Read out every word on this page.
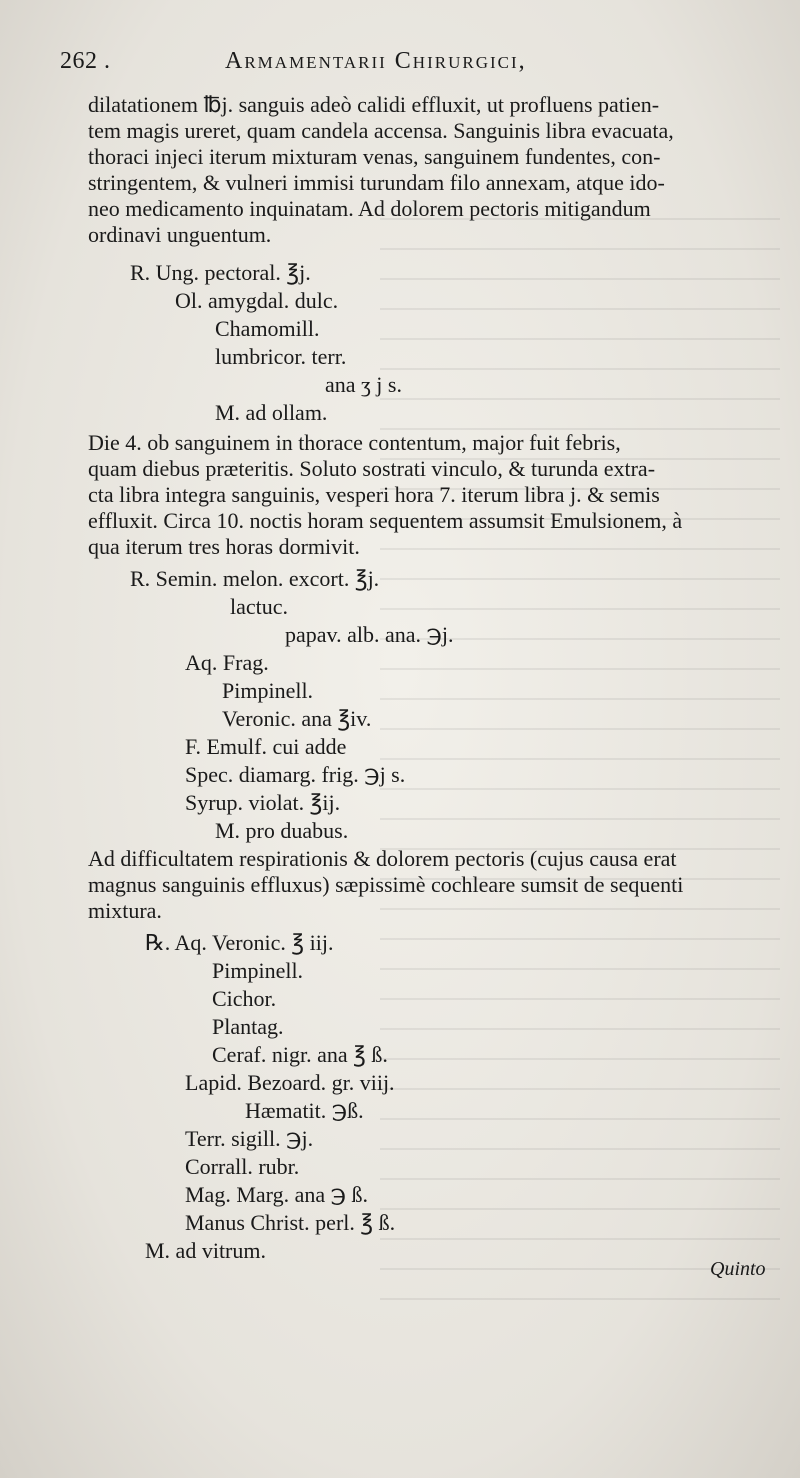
262 .	Armamentarii Chirurgici,
dilatationem ℔j. sanguis adeò calidi effluxit, ut profluens patien-
tem magis ureret, quam candela accensa. Sanguinis libra evacuata,
thoraci injeci iterum mixturam venas, sanguinem fundentes, con-
stringentem, & vulneri immisi turundam filo annexam, atque ido-
neo medicamento inquinatam. Ad dolorem pectoris mitigandum
ordinavi unguentum.
R. Ung. pectoral. ℥j.
Ol. amygdal. dulc.
Chamomill.
lumbricor. terr.
ana ʒ j s.
M. ad ollam.
Die 4. ob sanguinem in thorace contentum, major fuit febris,
quam diebus præteritis. Soluto sostrati vinculo, & turunda extra-
cta libra integra sanguinis, vesperi hora 7. iterum libra j. & semis
effluxit. Circa 10. noctis horam sequentem assumsit Emulsionem, à
qua iterum tres horas dormivit.
R. Semin. melon. excort. ℥j.
lactuc.
papav. alb. ana. ℈j.
Aq. Frag.
Pimpinell.
Veronic. ana ℥iv.
F. Emulf. cui adde
Spec. diamarg. frig. ℈j s.
Syrup. violat. ℥ij.
M. pro duabus.
Ad difficultatem respirationis & dolorem pectoris (cujus causa erat
magnus sanguinis effluxus) sæpissimè cochleare sumsit de sequenti
mixtura.
℞. Aq. Veronic. ℥ iij.
Pimpinell.
Cichor.
Plantag.
Ceraf. nigr. ana ℥ ß.
Lapid. Bezoard. gr. viij.
Hæmatit. ℈ß.
Terr. sigill. ℈j.
Corrall. rubr.
Mag. Marg. ana ℈ ß.
Manus Christ. perl. ℥ ß.
M. ad vitrum.
Quinto
